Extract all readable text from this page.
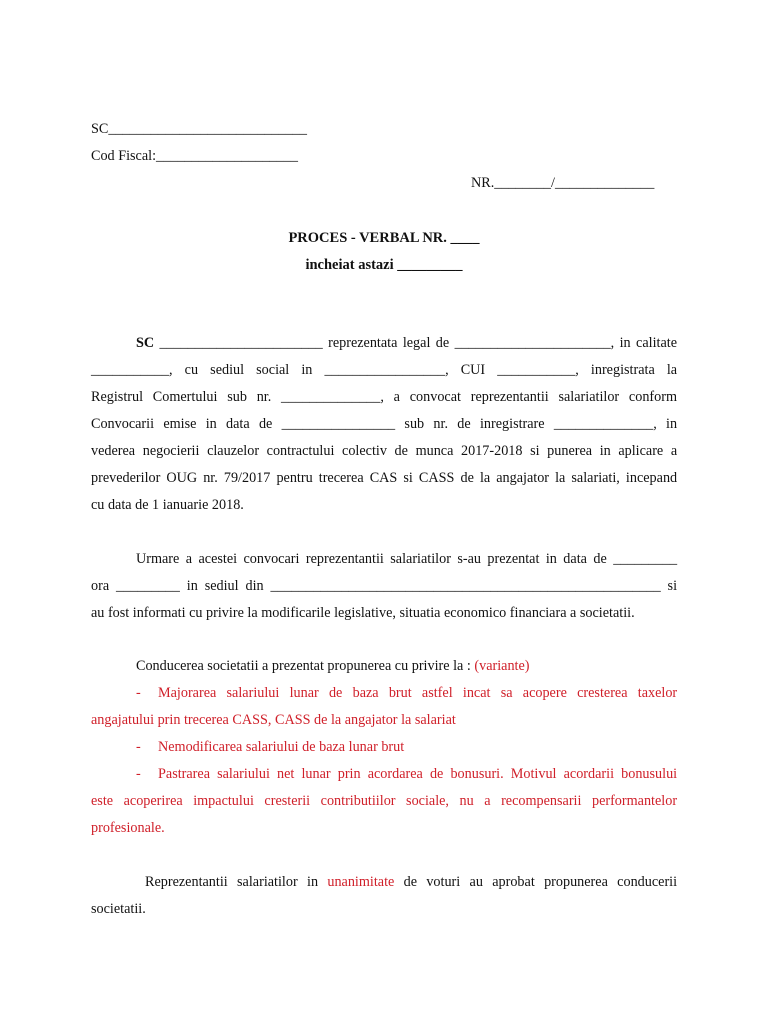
SC____________________________
Cod Fiscal:____________________
NR.________/______________
PROCES - VERBAL NR. ____
incheiat astazi _________
SC _______________________ reprezentata legal de ______________________, in calitate
___________, cu sediul social in _________________, CUI ___________, inregistrata la
Registrul Comertului sub nr. ______________, a convocat reprezentantii salariatilor conform
Convocarii emise in data de ________________ sub nr. de inregistrare ______________, in
vederea negocierii clauzelor contractului colectiv de munca 2017-2018 si punerea in aplicare a
prevederilor OUG nr. 79/2017 pentru trecerea CAS si CASS de la angajator la salariati, incepand
cu data de 1 ianuarie 2018.
Urmare a acestei convocari reprezentantii salariatilor s-au prezentat in data de _________
ora _________ in sediul din _______________________________________________________ si
au fost informati cu privire la modificarile legislative, situatia economico financiara a societatii.
Conducerea societatii a prezentat propunerea cu privire la : (variante)
- Majorarea salariului lunar de baza brut astfel incat sa acopere cresterea taxelor
angajatului prin trecerea CASS, CASS de la angajator la salariat
- Nemodificarea salariului de baza lunar brut
- Pastrarea salariului net lunar prin acordarea de bonusuri. Motivul acordarii bonusului
este acoperirea impactului cresterii contributiilor sociale, nu a recompensarii performantelor
profesionale.
Reprezentantii salariatilor in unanimitate de voturi au aprobat propunerea conducerii
societatii.
